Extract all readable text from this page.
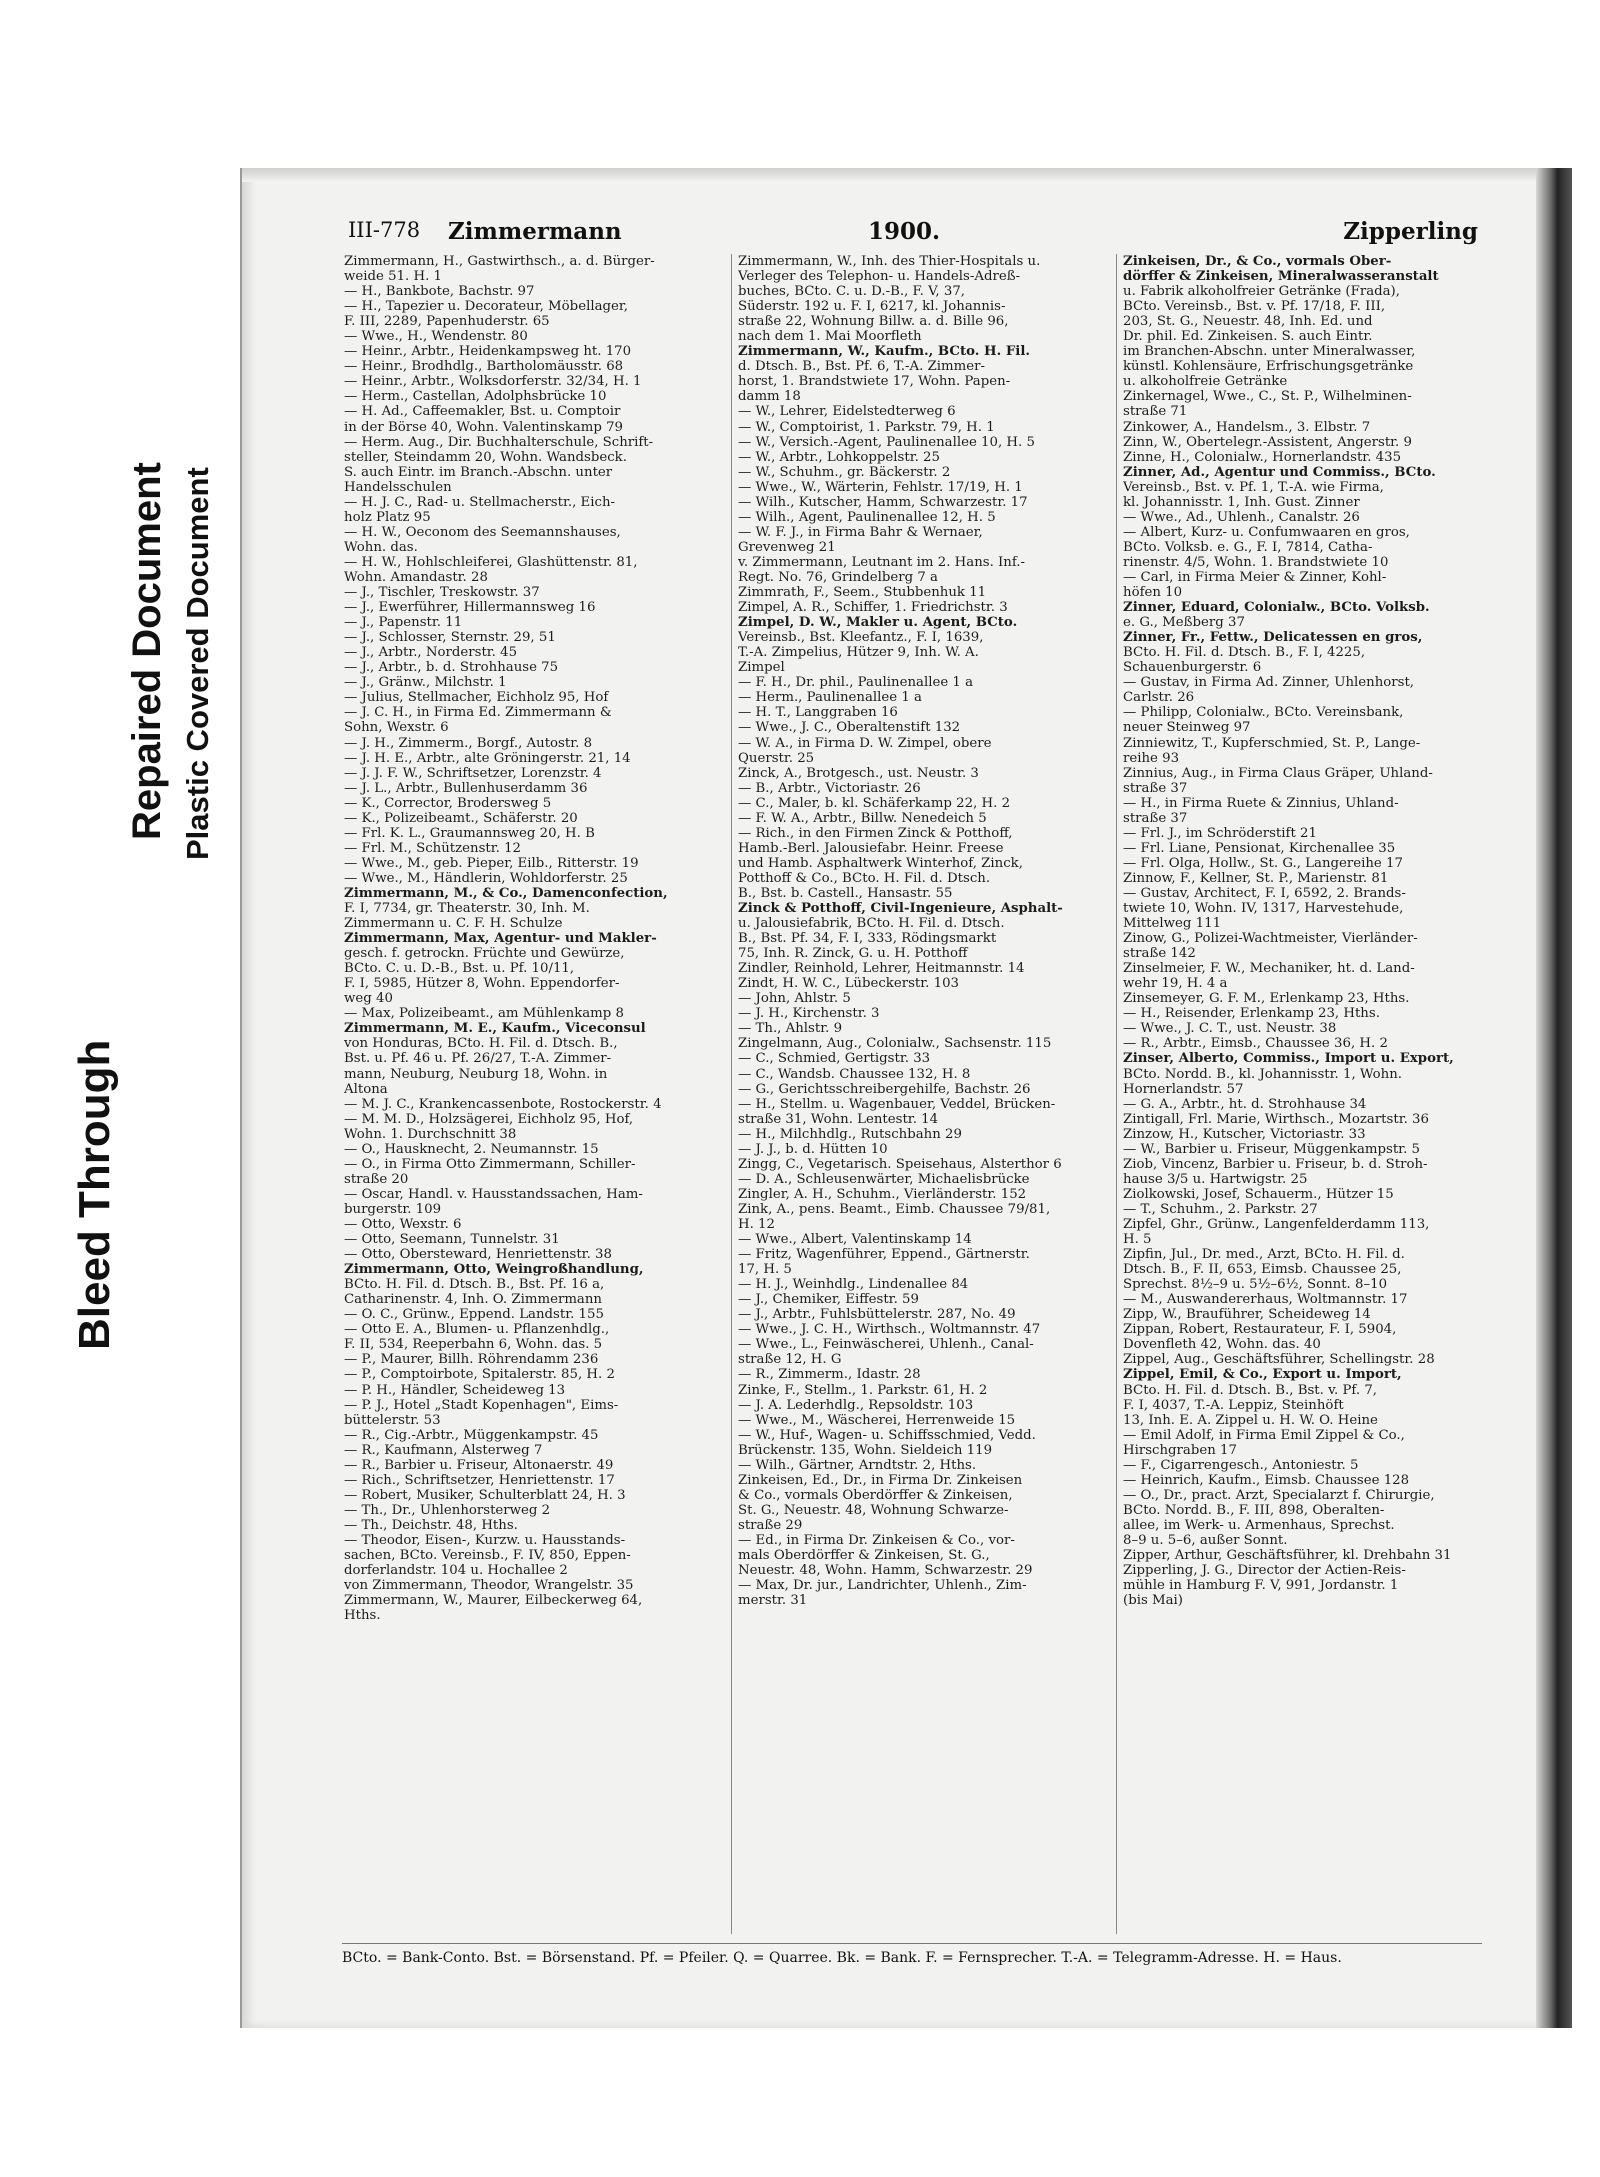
Bleed Through
Repaired Document Plastic Covered Document
III-778 Zimmermann	1900.	Zipperling
Zimmermann, H., Gastwirthsch., a. d. Bürger-
weide 51. H. 1
— H., Bankbote, Bachstr. 97
— H., Tapezier u. Decorateur, Möbellager,
F. III, 2289, Papenhuderstr. 65
— Wwe., H., Wendenstr. 80
— Heinr., Arbtr., Heidenkampsweg ht. 170
— Heinr., Brodhdlg., Bartholomäusstr. 68
— Heinr., Arbtr., Wolksdorferstr. 32/34, H. 1
— Herm., Castellan, Adolphsbrücke 10
— H. Ad., Caffeemakler, Bst. u. Comptoir
in der Börse 40, Wohn. Valentinskamp 79
— Herm. Aug., Dir. Buchhalterschule, Schrift-
steller, Steindamm 20, Wohn. Wandsbeck.
S. auch Eintr. im Branch.-Abschn. unter
Handelsschulen
— H. J. C., Rad- u. Stellmacherstr., Eich-
holz Platz 95
— H. W., Oeconom des Seemannshauses,
Wohn. das.
— H. W., Hohlschleiferei, Glashüttenstr. 81,
Wohn. Amandastr. 28
— J., Tischler, Treskowstr. 37
— J., Ewerführer, Hillermannsweg 16
— J., Papenstr. 11
— J., Schlosser, Sternstr. 29, 51
— J., Arbtr., Norderstr. 45
— J., Arbtr., b. d. Strohhause 75
— J., Gränw., Milchstr. 1
— Julius, Stellmacher, Eichholz 95, Hof
— J. C. H., in Firma Ed. Zimmermann &
Sohn, Wexstr. 6
— J. H., Zimmerm., Borgf., Autostr. 8
— J. H. E., Arbtr., alte Gröningerstr. 21, 14
— J. J. F. W., Schriftsetzer, Lorenzstr. 4
— J. L., Arbtr., Bullenhuserdamm 36
— K., Corrector, Brodersweg 5
— K., Polizeibeamt., Schäferstr. 20
— Frl. K. L., Graumannsweg 20, H. B
— Frl. M., Schützenstr. 12
— Wwe., M., geb. Pieper, Eilb., Ritterstr. 19
— Wwe., M., Händlerin, Wohldorferstr. 25
Zimmermann, M., & Co., Damenconfection,
F. I, 7734, gr. Theaterstr. 30, Inh. M.
Zimmermann u. C. F. H. Schulze
Zimmermann, Max, Agentur- und Makler-
gesch. f. getrockn. Früchte und Gewürze,
BCto. C. u. D.-B., Bst. u. Pf. 10/11,
F. I, 5985, Hützer 8, Wohn. Eppendorfer-
weg 40
— Max, Polizeibeamt., am Mühlenkamp 8
Zimmermann, M. E., Kaufm., Viceconsul
von Honduras, BCto. H. Fil. d. Dtsch. B.,
Bst. u. Pf. 46 u. Pf. 26/27, T.-A. Zimmer-
mann, Neuburg, Neuburg 18, Wohn. in
Altona
— M. J. C., Krankencassenbote, Rostockerstr. 4
— M. M. D., Holzsägerei, Eichholz 95, Hof,
Wohn. 1. Durchschnitt 38
— O., Hausknecht, 2. Neumannstr. 15
— O., in Firma Otto Zimmermann, Schiller-
straße 20
— Oscar, Handl. v. Hausstandssachen, Ham-
burgerstr. 109
— Otto, Wexstr. 6
— Otto, Seemann, Tunnelstr. 31
— Otto, Obersteward, Henriettenstr. 38
Zimmermann, Otto, Weingroßhandlung,
BCto. H. Fil. d. Dtsch. B., Bst. Pf. 16 a,
Catharinenstr. 4, Inh. O. Zimmermann
— O. C., Grünw., Eppend. Landstr. 155
— Otto E. A., Blumen- u. Pflanzenhdlg.,
F. II, 534, Reeperbahn 6, Wohn. das. 5
— P., Maurer, Billh. Röhrendamm 236
— P., Comptoirbote, Spitalerstr. 85, H. 2
— P. H., Händler, Scheideweg 13
— P. J., Hotel „Stadt Kopenhagen", Eims-
büttelerstr. 53
— R., Cig.-Arbtr., Müggenkampstr. 45
— R., Kaufmann, Alsterweg 7
— R., Barbier u. Friseur, Altonaerstr. 49
— Rich., Schriftsetzer, Henriettenstr. 17
— Robert, Musiker, Schulterblatt 24, H. 3
— Th., Dr., Uhlenhorsterweg 2
— Th., Deichstr. 48, Hths.
— Theodor, Eisen-, Kurzw. u. Hausstands-
sachen, BCto. Vereinsb., F. IV, 850, Eppen-
dorferlandstr. 104 u. Hochallee 2
von Zimmermann, Theodor, Wrangelstr. 35
Zimmermann, W., Maurer, Eilbeckerweg 64,
Hths.
Zimmermann, W., Inh. des Thier-Hospitals u.
Verleger des Telephon- u. Handels-Adreß-
buches, BCto. C. u. D.-B., F. V, 37,
Süderstr. 192 u. F. I, 6217, kl. Johannis-
straße 22, Wohnung Billw. a. d. Bille 96,
nach dem 1. Mai Moorfleth
Zimmermann, W., Kaufm., BCto. H. Fil.
d. Dtsch. B., Bst. Pf. 6, T.-A. Zimmer-
horst, 1. Brandstwiete 17, Wohn. Papen-
damm 18
— W., Lehrer, Eidelstedterweg 6
— W., Comptoirist, 1. Parkstr. 79, H. 1
— W., Versich.-Agent, Paulinenallee 10, H. 5
— W., Arbtr., Lohkoppelstr. 25
— W., Schuhm., gr. Bäckerstr. 2
— Wwe., W., Wärterin, Fehlstr. 17/19, H. 1
— Wilh., Kutscher, Hamm, Schwarzestr. 17
— Wilh., Agent, Paulinenallee 12, H. 5
— W. F. J., in Firma Bahr & Wernaer,
Grevenweg 21
v. Zimmermann, Leutnant im 2. Hans. Inf.-
Regt. No. 76, Grindelberg 7 a
Zimmrath, F., Seem., Stubbenhuk 11
Zimpel, A. R., Schiffer, 1. Friedrichstr. 3
Zimpel, D. W., Makler u. Agent, BCto.
Vereinsb., Bst. Kleefantz., F. I, 1639,
T.-A. Zimpelius, Hützer 9, Inh. W. A.
Zimpel
— F. H., Dr. phil., Paulinenallee 1 a
— Herm., Paulinenallee 1 a
— H. T., Langgraben 16
— Wwe., J. C., Oberaltenstift 132
— W. A., in Firma D. W. Zimpel, obere
Querstr. 25
Zinck, A., Brotgesch., ust. Neustr. 3
— B., Arbtr., Victoriastr. 26
— C., Maler, b. kl. Schäferkamp 22, H. 2
— F. W. A., Arbtr., Billw. Nenedeich 5
— Rich., in den Firmen Zinck & Potthoff,
Hamb.-Berl. Jalousiefabr. Heinr. Freese
und Hamb. Asphaltwerk Winterhof, Zinck,
Potthoff & Co., BCto. H. Fil. d. Dtsch.
B., Bst. b. Castell., Hansastr. 55
Zinck & Potthoff, Civil-Ingenieure, Asphalt-
u. Jalousiefabrik, BCto. H. Fil. d. Dtsch.
B., Bst. Pf. 34, F. I, 333, Rödingsmarkt
75, Inh. R. Zinck, G. u. H. Potthoff
Zindler, Reinhold, Lehrer, Heitmannstr. 14
Zindt, H. W. C., Lübeckerstr. 103
— John, Ahlstr. 5
— J. H., Kirchenstr. 3
— Th., Ahlstr. 9
Zingelmann, Aug., Colonialw., Sachsenstr. 115
— C., Schmied, Gertigstr. 33
— C., Wandsb. Chaussee 132, H. 8
— G., Gerichtsschreibergehilfe, Bachstr. 26
— H., Stellm. u. Wagenbauer, Veddel, Brücken-
straße 31, Wohn. Lentestr. 14
— H., Milchhdlg., Rutschbahn 29
— J. J., b. d. Hütten 10
Zingg, C., Vegetarisch. Speisehaus, Alsterthor 6
— D. A., Schleusenwärter, Michaelisbrücke
Zingler, A. H., Schuhm., Vierländerstr. 152
Zink, A., pens. Beamt., Eimb. Chaussee 79/81,
H. 12
— Wwe., Albert, Valentinskamp 14
— Fritz, Wagenführer, Eppend., Gärtnerstr.
17, H. 5
— H. J., Weinhdlg., Lindenallee 84
— J., Chemiker, Eiffestr. 59
— J., Arbtr., Fuhlsbüttelerstr. 287, No. 49
— Wwe., J. C. H., Wirthsch., Woltmannstr. 47
— Wwe., L., Feinwäscherei, Uhlenh., Canal-
straße 12, H. G
— R., Zimmerm., Idastr. 28
Zinke, F., Stellm., 1. Parkstr. 61, H. 2
— J. A. Lederhdlg., Repsoldstr. 103
— Wwe., M., Wäscherei, Herrenweide 15
— W., Huf-, Wagen- u. Schiffsschmied, Vedd.
Brückenstr. 135, Wohn. Sieldeich 119
— Wilh., Gärtner, Arndtstr. 2, Hths.
Zinkeisen, Ed., Dr., in Firma Dr. Zinkeisen
& Co., vormals Oberdörffer & Zinkeisen,
St. G., Neuestr. 48, Wohnung Schwarze-
straße 29
— Ed., in Firma Dr. Zinkeisen & Co., vor-
mals Oberdörffer & Zinkeisen, St. G.,
Neuestr. 48, Wohn. Hamm, Schwarzestr. 29
— Max, Dr. jur., Landrichter, Uhlenh., Zim-
merstr. 31
Zinkeisen, Dr., & Co., vormals Ober-
dörffer & Zinkeisen, Mineralwasseranstalt
u. Fabrik alkoholfreier Getränke (Frada),
BCto. Vereinsb., Bst. v. Pf. 17/18, F. III,
203, St. G., Neuestr. 48, Inh. Ed. und
Dr. phil. Ed. Zinkeisen. S. auch Eintr.
im Branchen-Abschn. unter Mineralwasser,
künstl. Kohlensäure, Erfrischungsgetränke
u. alkoholfreie Getränke
Zinkernagel, Wwe., C., St. P., Wilhelminen-
straße 71
Zinkower, A., Handelsm., 3. Elbstr. 7
Zinn, W., Obertelegr.-Assistent, Angerstr. 9
Zinne, H., Colonialw., Hornerlandstr. 435
Zinner, Ad., Agentur und Commiss., BCto.
Vereinsb., Bst. v. Pf. 1, T.-A. wie Firma,
kl. Johannisstr. 1, Inh. Gust. Zinner
— Wwe., Ad., Uhlenh., Canalstr. 26
— Albert, Kurz- u. Confumwaaren en gros,
BCto. Volksb. e. G., F. I, 7814, Catha-
rinenstr. 4/5, Wohn. 1. Brandstwiete 10
— Carl, in Firma Meier & Zinner, Kohl-
höfen 10
Zinner, Eduard, Colonialw., BCto. Volksb.
e. G., Meßberg 37
Zinner, Fr., Fettw., Delicatessen en gros,
BCto. H. Fil. d. Dtsch. B., F. I, 4225,
Schauenburgerstr. 6
— Gustav, in Firma Ad. Zinner, Uhlenhorst,
Carlstr. 26
— Philipp, Colonialw., BCto. Vereinsbank,
neuer Steinweg 97
Zinniewitz, T., Kupferschmied, St. P., Lange-
reihe 93
Zinnius, Aug., in Firma Claus Gräper, Uhland-
straße 37
— H., in Firma Ruete & Zinnius, Uhland-
straße 37
— Frl. J., im Schröderstift 21
— Frl. Liane, Pensionat, Kirchenallee 35
— Frl. Olga, Hollw., St. G., Langereihe 17
Zinnow, F., Kellner, St. P., Marienstr. 81
— Gustav, Architect, F. I, 6592, 2. Brands-
twiete 10, Wohn. IV, 1317, Harvestehude,
Mittelweg 111
Zinow, G., Polizei-Wachtmeister, Vierländer-
straße 142
Zinselmeier, F. W., Mechaniker, ht. d. Land-
wehr 19, H. 4 a
Zinsemeyer, G. F. M., Erlenkamp 23, Hths.
— H., Reisender, Erlenkamp 23, Hths.
— Wwe., J. C. T., ust. Neustr. 38
— R., Arbtr., Eimsb., Chaussee 36, H. 2
Zinser, Alberto, Commiss., Import u. Export,
BCto. Nordd. B., kl. Johannisstr. 1, Wohn.
Hornerlandstr. 57
— G. A., Arbtr., ht. d. Strohhause 34
Zintigall, Frl. Marie, Wirthsch., Mozartstr. 36
Zinzow, H., Kutscher, Victoriastr. 33
— W., Barbier u. Friseur, Müggenkampstr. 5
Ziob, Vincenz, Barbier u. Friseur, b. d. Stroh-
hause 3/5 u. Hartwigstr. 25
Ziolkowski, Josef, Schauerm., Hützer 15
— T., Schuhm., 2. Parkstr. 27
Zipfel, Ghr., Grünw., Langenfelderdamm 113,
H. 5
Zipfin, Jul., Dr. med., Arzt, BCto. H. Fil. d.
Dtsch. B., F. II, 653, Eimsb. Chaussee 25,
Sprechst. 8½–9 u. 5½–6½, Sonnt. 8–10
— M., Auswandererhaus, Woltmannstr. 17
Zipp, W., Brauführer, Scheideweg 14
Zippan, Robert, Restaurateur, F. I, 5904,
Dovenfleth 42, Wohn. das. 40
Zippel, Aug., Geschäftsführer, Schellingstr. 28
Zippel, Emil, & Co., Export u. Import,
BCto. H. Fil. d. Dtsch. B., Bst. v. Pf. 7,
F. I, 4037, T.-A. Leppiz, Steinhöft
13, Inh. E. A. Zippel u. H. W. O. Heine
— Emil Adolf, in Firma Emil Zippel & Co.,
Hirschgraben 17
— F., Cigarrengesch., Antoniestr. 5
— Heinrich, Kaufm., Eimsb. Chaussee 128
— O., Dr., pract. Arzt, Specialarzt f. Chirurgie,
BCto. Nordd. B., F. III, 898, Oberalten-
allee, im Werk- u. Armenhaus, Sprechst.
8–9 u. 5–6, außer Sonnt.
Zipper, Arthur, Geschäftsführer, kl. Drehbahn 31
Zipperling, J. G., Director der Actien-Reis-
mühle in Hamburg F. V, 991, Jordanstr. 1
(bis Mai)
BCto. = Bank-Conto. Bst. = Börsenstand. Pf. = Pfeiler. Q. = Quarree. Bk. = Bank. F. = Fernsprecher. T.-A. = Telegramm-Adresse. H. = Haus.
